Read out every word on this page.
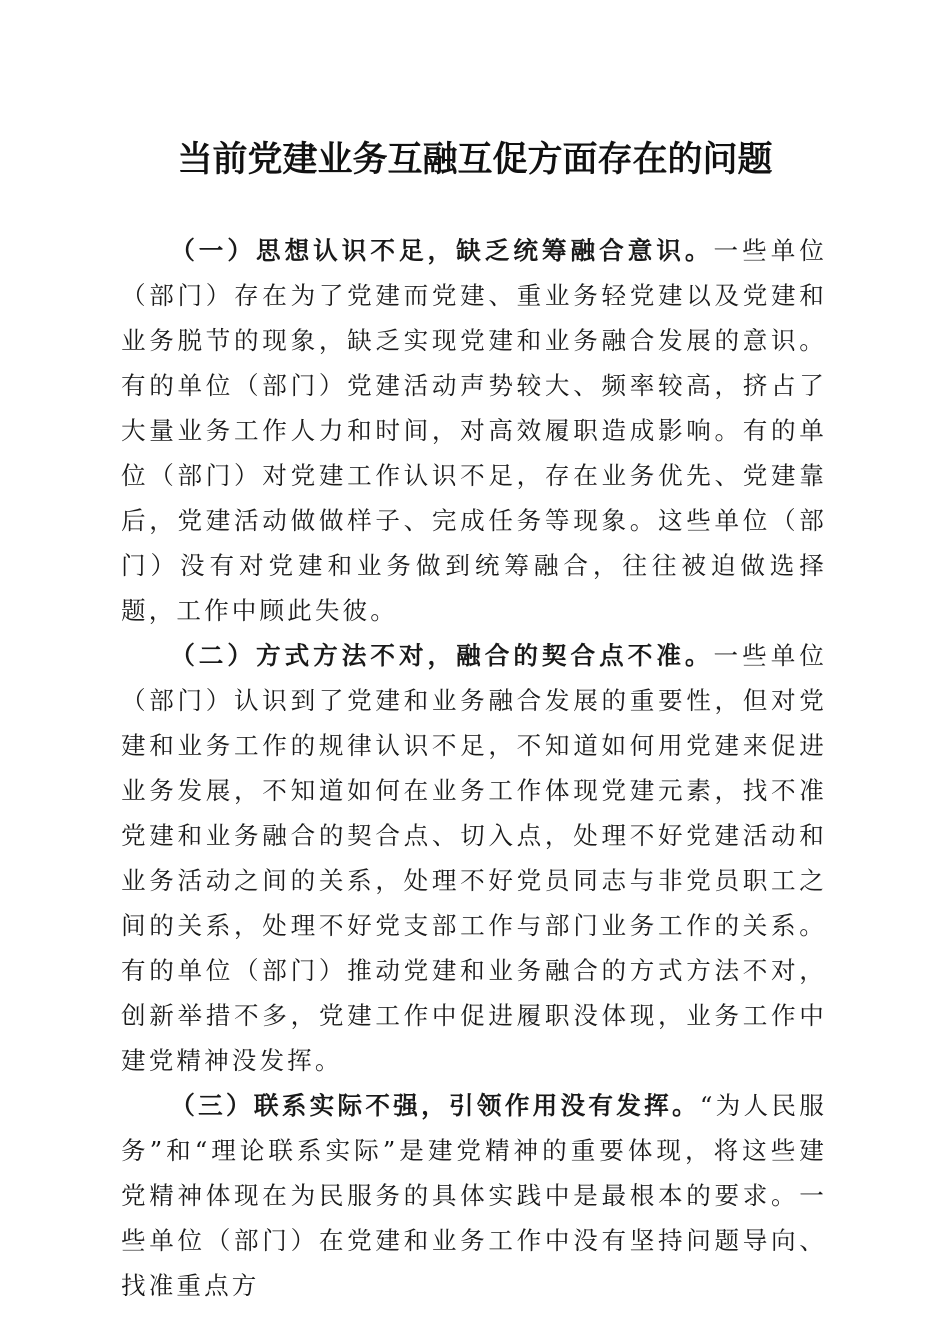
当前党建业务互融互促方面存在的问题

（一）思想认识不足，缺乏统筹融合意识。一些单位（部门）存在为了党建而党建、重业务轻党建以及党建和业务脱节的现象，缺乏实现党建和业务融合发展的意识。有的单位（部门）党建活动声势较大、频率较高，挤占了大量业务工作人力和时间，对高效履职造成影响。有的单位（部门）对党建工作认识不足，存在业务优先、党建靠后，党建活动做做样子、完成任务等现象。这些单位（部门）没有对党建和业务做到统筹融合，往往被迫做选择题，工作中顾此失彼。

（二）方式方法不对，融合的契合点不准。一些单位（部门）认识到了党建和业务融合发展的重要性，但对党建和业务工作的规律认识不足，不知道如何用党建来促进业务发展，不知道如何在业务工作体现党建元素，找不准党建和业务融合的契合点、切入点，处理不好党建活动和业务活动之间的关系，处理不好党员同志与非党员职工之间的关系，处理不好党支部工作与部门业务工作的关系。有的单位（部门）推动党建和业务融合的方式方法不对，创新举措不多，党建工作中促进履职没体现，业务工作中建党精神没发挥。

（三）联系实际不强，引领作用没有发挥。“为人民服务”和“理论联系实际”是建党精神的重要体现，将这些建党精神体现在为民服务的具体实践中是最根本的要求。一些单位（部门）在党建和业务工作中没有坚持问题导向、找准重点方
